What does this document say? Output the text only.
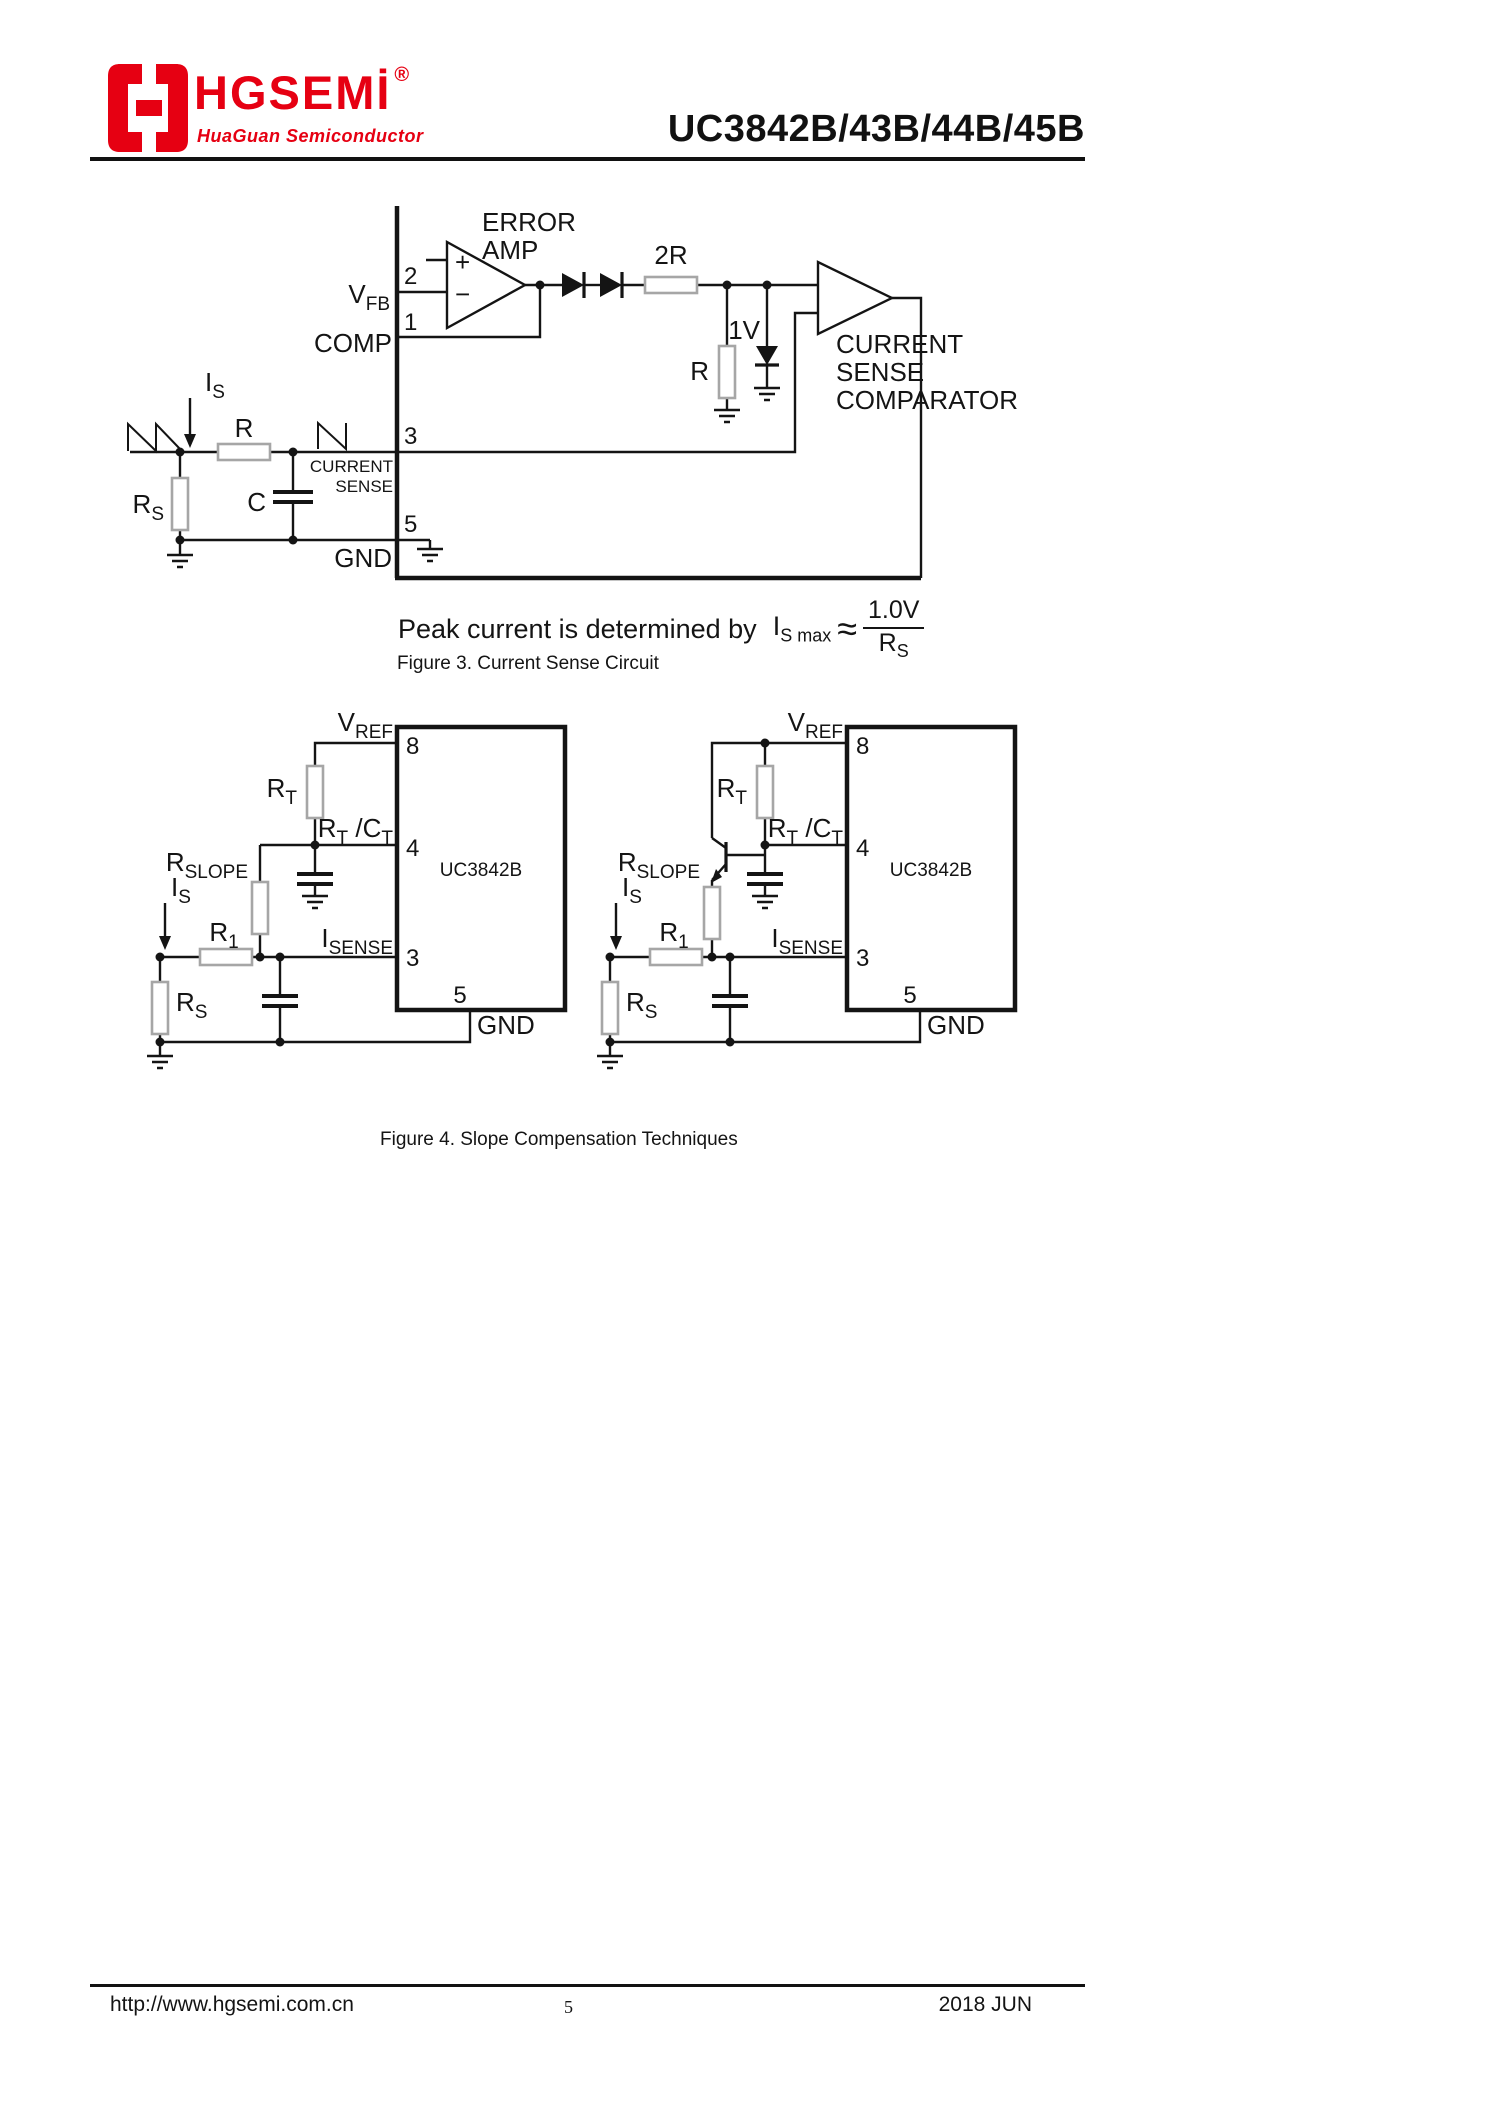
HGSEMİ ®
HuaGuan Semiconductor	UC3842B/43B/44B/45B
ERROR
AMP
+
−
2
1
3
5
$V_{FB}$
COMP
$I_S$
R
$R_S$	C
CURRENT
SENSE
GND
2R
R
1V	CURRENT
SENSE
COMPARATOR
$V_{REF}$
8
$R_T$
$R_T$ $/C_T$ 4
$R_{SLOPE}$
$I_S$
$R_1$	$I_{SENSE}$ 3
$R_S$
UC3842B
5
GND
$V_{REF}$
8
$R_T$
$R_T$ $/C_T$ 4
$R_{SLOPE}$
$I_S$
$R_1$	$I_{SENSE}$ 3
$R_S$
UC3842B
5
GND
Peak current is determined by $I_{S max} \approx \frac{1.0V}{R_S}$
Figure 3. Current Sense Circuit
Figure 4. Slope Compensation Techniques
http://www.hgsemi.com.cn	5	2018 JUN
